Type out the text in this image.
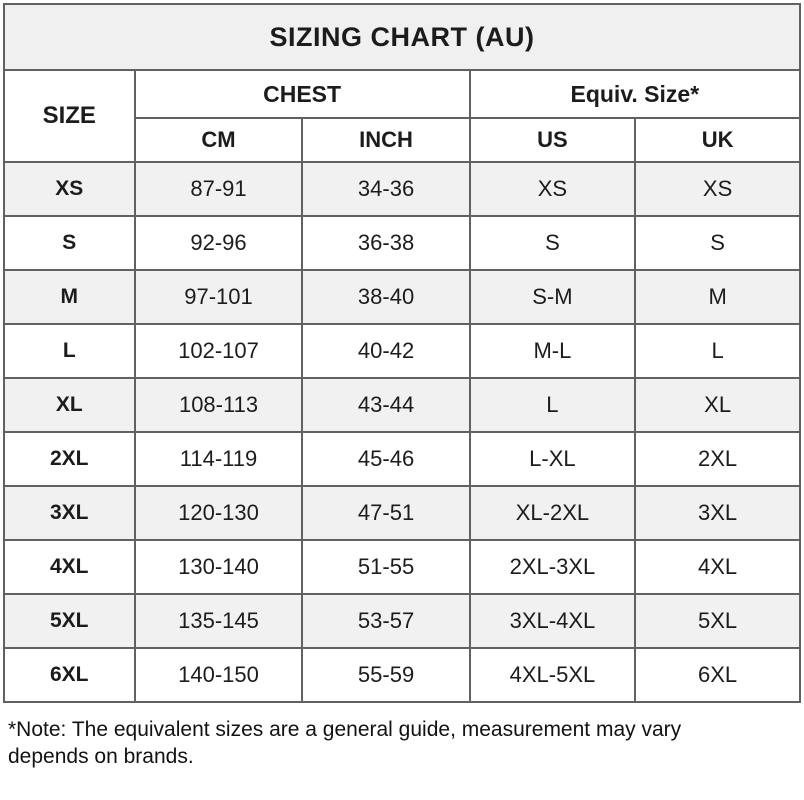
SIZING CHART (AU)				
SIZE	CHEST		Equiv. Size*	
	CM	INCH	US	UK
XS	87-91	34-36	XS	XS
S	92-96	36-38	S	S
M	97-101	38-40	S-M	M
L	102-107	40-42	M-L	L
XL	108-113	43-44	L	XL
2XL	114-119	45-46	L-XL	2XL
3XL	120-130	47-51	XL-2XL	3XL
4XL	130-140	51-55	2XL-3XL	4XL
5XL	135-145	53-57	3XL-4XL	5XL
6XL	140-150	55-59	4XL-5XL	6XL
*Note: The equivalent sizes are a general guide, measurement may vary
depends on brands.
